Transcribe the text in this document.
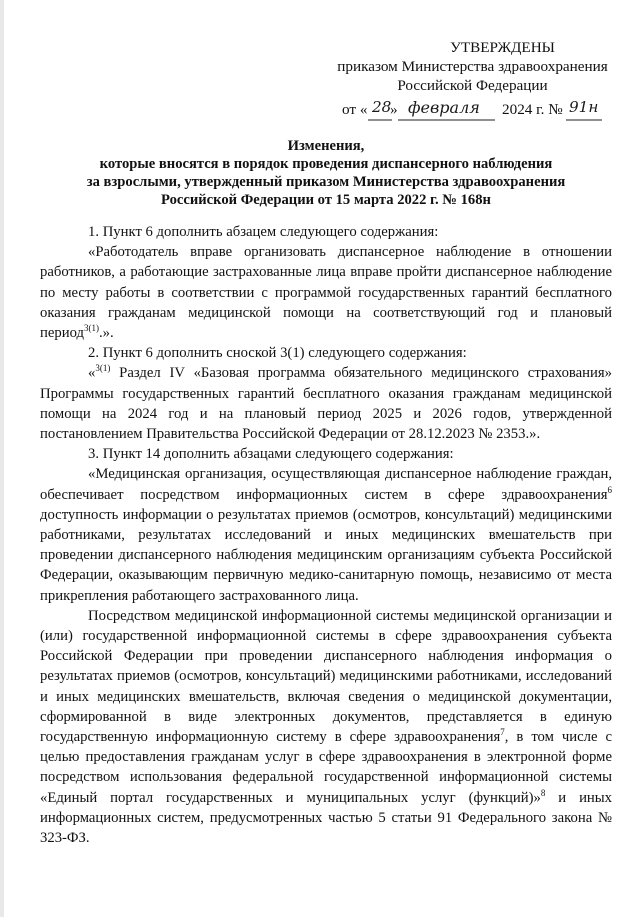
УТВЕРЖДЕНЫ
приказом Министерства здравоохранения
Российской Федерации
от « 28
» февраля 2024 г. № 91н
Изменения,
которые вносятся в порядок проведения диспансерного наблюдения
за взрослыми, утвержденный приказом Министерства здравоохранения
Российской Федерации от 15 марта 2022 г. № 168н

1. Пункт 6 дополнить абзацем следующего содержания:

«Работодатель вправе организовать диспансерное наблюдение в отношении работников, а работающие застрахованные лица вправе пройти диспансерное наблюдение по месту работы в соответствии с программой государственных гарантий бесплатного оказания гражданам медицинской помощи на соответствующий год и плановый период$^{3(1)}$.».

2. Пункт 6 дополнить сноской 3(1) следующего содержания:

«$^{3(1)}$ Раздел IV «Базовая программа обязательного медицинского страхования» Программы государственных гарантий бесплатного оказания гражданам медицинской помощи на 2024 год и на плановый период 2025 и 2026 годов, утвержденной постановлением Правительства Российской Федерации от 28.12.2023 № 2353.».

3. Пункт 14 дополнить абзацами следующего содержания:

«Медицинская организация, осуществляющая диспансерное наблюдение граждан, обеспечивает посредством информационных систем в сфере здравоохранения$^6$ доступность информации о результатах приемов (осмотров, консультаций) медицинскими работниками, результатах исследований и иных медицинских вмешательств при проведении диспансерного наблюдения медицинским организациям субъекта Российской Федерации, оказывающим первичную медико-санитарную помощь, независимо от места прикрепления работающего застрахованного лица.

Посредством медицинской информационной системы медицинской организации и (или) государственной информационной системы в сфере здравоохранения субъекта Российской Федерации при проведении диспансерного наблюдения информация о результатах приемов (осмотров, консультаций) медицинскими работниками, исследований и иных медицинских вмешательств, включая сведения о медицинской документации, сформированной в виде электронных документов, представляется в единую государственную информационную систему в сфере здравоохранения$^7$, в том числе с целью предоставления гражданам услуг в сфере здравоохранения в электронной форме посредством использования федеральной государственной информационной системы «Единый портал государственных и муниципальных услуг (функций)»$^8$ и иных информационных систем, предусмотренных частью 5 статьи 91 Федерального закона № 323-ФЗ.
